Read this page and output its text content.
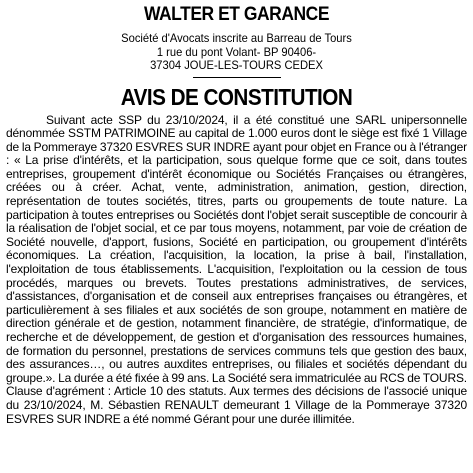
WALTER ET GARANCE
Société d'Avocats inscrite au Barreau de Tours
1 rue du pont Volant- BP 90406-
37304 JOUE-LES-TOURS CEDEX
AVIS DE CONSTITUTION

Suivant acte SSP du 23/10/2024, il a été constitué une SARL unipersonnelle dénommée SSTM PATRIMOINE au capital de 1.000 euros dont le siège est fixé 1 Village de la Pommeraye 37320 ESVRES SUR INDRE ayant pour objet en France ou à l'étranger : « La prise d'intérêts, et la participation, sous quelque forme que ce soit, dans toutes entreprises, groupement d'intérêt économique ou Sociétés Françaises ou étrangères, créées ou à créer. Achat, vente, administration, animation, gestion, direction, représentation de toutes sociétés, titres, parts ou groupements de toute nature. La participation à toutes entreprises ou Sociétés dont l'objet serait susceptible de concourir à la réalisation de l'objet social, et ce par tous moyens, notamment, par voie de création de Société nouvelle, d'apport, fusions, Société en participation, ou groupement d'intérêts économiques. La création, l'acquisition, la location, la prise à bail, l'installation, l'exploitation de tous établissements. L'acquisition, l'exploitation ou la cession de tous procédés, marques ou brevets. Toutes prestations administratives, de services, d'assistances, d'organisation et de conseil aux entreprises françaises ou étrangères, et particulièrement à ses filiales et aux sociétés de son groupe, notamment en matière de direction générale et de gestion, notamment financière, de stratégie, d'informatique, de recherche et de développement, de gestion et d'organisation des ressources humaines, de formation du personnel, prestations de services communs tels que gestion des baux, des assurances…, ou autres auxdites entreprises, ou filiales et sociétés dépendant du groupe.». La durée a été fixée à 99 ans. La Société sera immatriculée au RCS de TOURS. Clause d'agrément : Article 10 des statuts. Aux termes des décisions de l'associé unique du 23/10/2024, M. Sébastien RENAULT demeurant 1 Village de la Pommeraye 37320 ESVRES SUR INDRE a été nommé Gérant pour une durée illimitée.
